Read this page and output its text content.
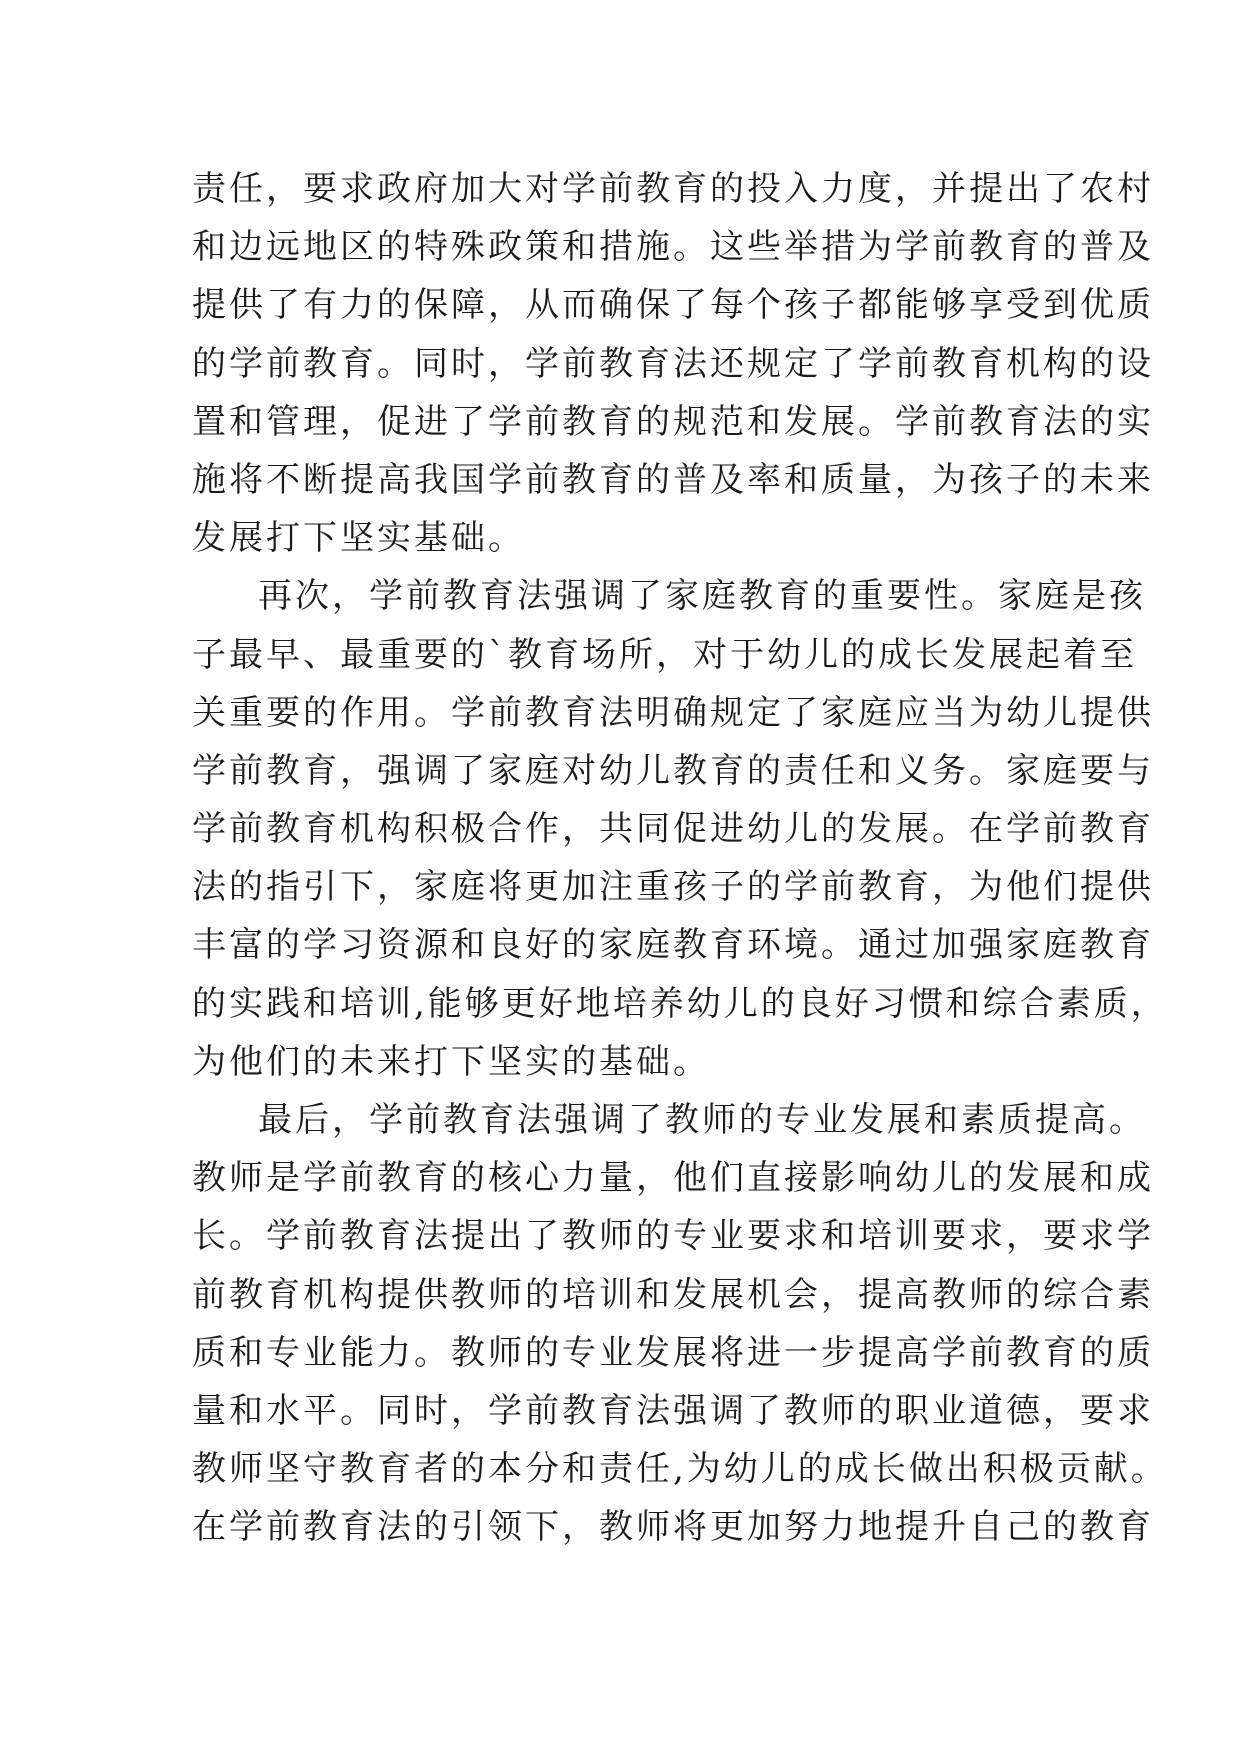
责任，要求政府加大对学前教育的投入力度，并提出了农村
和边远地区的特殊政策和措施。这些举措为学前教育的普及
提供了有力的保障，从而确保了每个孩子都能够享受到优质
的学前教育。同时，学前教育法还规定了学前教育机构的设
置和管理，促进了学前教育的规范和发展。学前教育法的实
施将不断提高我国学前教育的普及率和质量，为孩子的未来
发展打下坚实基础。
再次，学前教育法强调了家庭教育的重要性。家庭是孩
子最早、最重要的`教育场所，对于幼儿的成长发展起着至
关重要的作用。学前教育法明确规定了家庭应当为幼儿提供
学前教育，强调了家庭对幼儿教育的责任和义务。家庭要与
学前教育机构积极合作，共同促进幼儿的发展。在学前教育
法的指引下，家庭将更加注重孩子的学前教育，为他们提供
丰富的学习资源和良好的家庭教育环境。通过加强家庭教育
的实践和培训,能够更好地培养幼儿的良好习惯和综合素质，
为他们的未来打下坚实的基础。
最后，学前教育法强调了教师的专业发展和素质提高。
教师是学前教育的核心力量，他们直接影响幼儿的发展和成
长。学前教育法提出了教师的专业要求和培训要求，要求学
前教育机构提供教师的培训和发展机会，提高教师的综合素
质和专业能力。教师的专业发展将进一步提高学前教育的质
量和水平。同时，学前教育法强调了教师的职业道德，要求
教师坚守教育者的本分和责任,为幼儿的成长做出积极贡献。
在学前教育法的引领下，教师将更加努力地提升自己的教育
